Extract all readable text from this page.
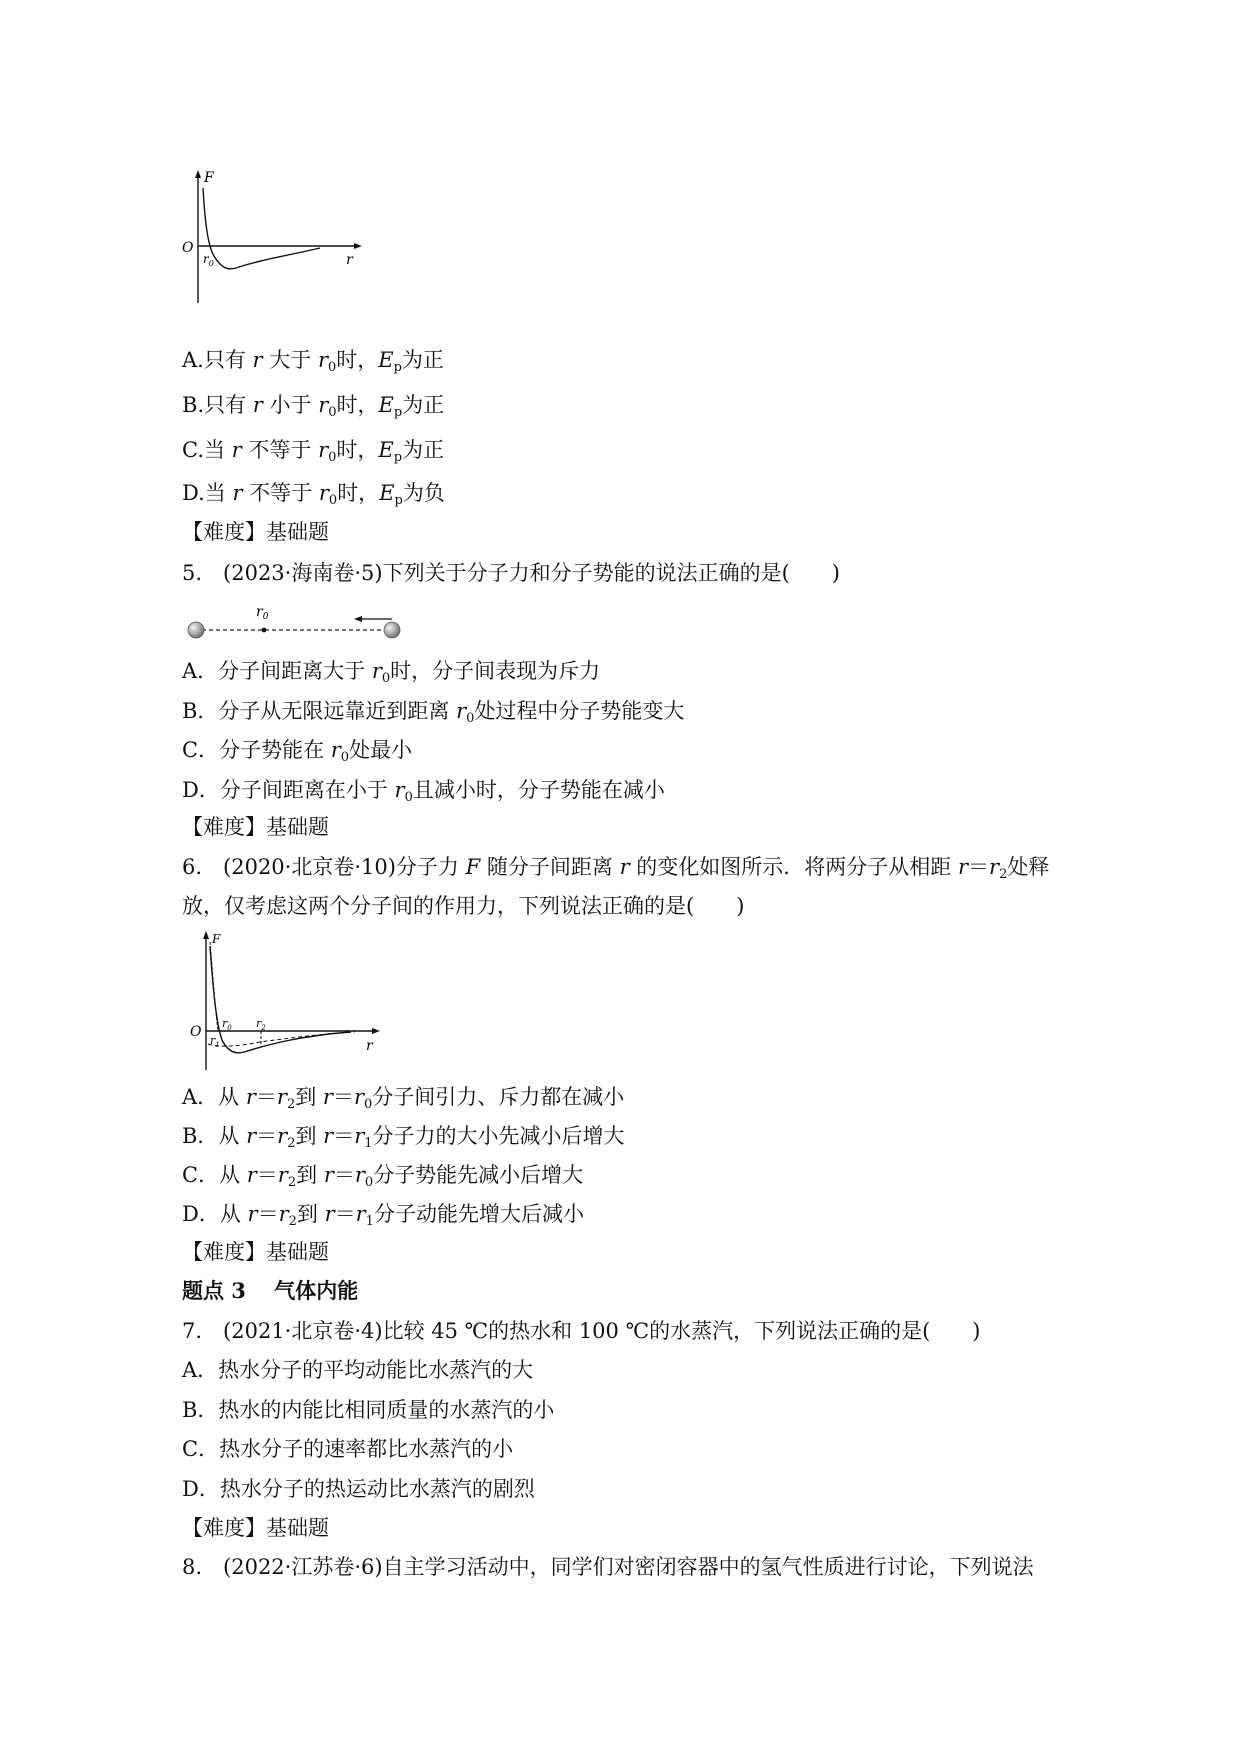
F
O
$r_0$	r
A.只有 r 大于 $r_0$时，$E_p$为正
B.只有 r 小于 $r_0$时，$E_p$为正
C.当 r 不等于 $r_0$时，$E_p$为正
D.当 r 不等于 $r_0$时，$E_p$为负
【难度】基础题
5.　(2023·海南卷·5)下列关于分子力和分子势能的说法正确的是(　　)
$r_0$
A．分子间距离大于 $r_0$时，分子间表现为斥力
B．分子从无限远靠近到距离 $r_0$处过程中分子势能变大
C．分子势能在 $r_0$处最小
D．分子间距离在小于 $r_0$且减小时，分子势能在减小
【难度】基础题
6.　(2020·北京卷·10)分子力 F 随分子间距离 r 的变化如图所示．将两分子从相距 $r=r_2$处释
放，仅考虑这两个分子间的作用力，下列说法正确的是(　　)
F
O
$r_0$
$r_1$
$r_2$
r
A．从 $r=r_2$到 $r=r_0$分子间引力、斥力都在减小
B．从 $r=r_2$到 $r=r_1$分子力的大小先减小后增大
C．从 $r=r_2$到 $r=r_0$分子势能先减小后增大
D．从 $r=r_2$到 $r=r_1$分子动能先增大后减小
【难度】基础题
题点 3　 气体内能
7.　(2021·北京卷·4)比较 45 ℃的热水和 100 ℃的水蒸汽，下列说法正确的是(　　)
A．热水分子的平均动能比水蒸汽的大
B．热水的内能比相同质量的水蒸汽的小
C．热水分子的速率都比水蒸汽的小
D．热水分子的热运动比水蒸汽的剧烈
【难度】基础题
8.　(2022·江苏卷·6)自主学习活动中，同学们对密闭容器中的氢气性质进行讨论，下列说法
